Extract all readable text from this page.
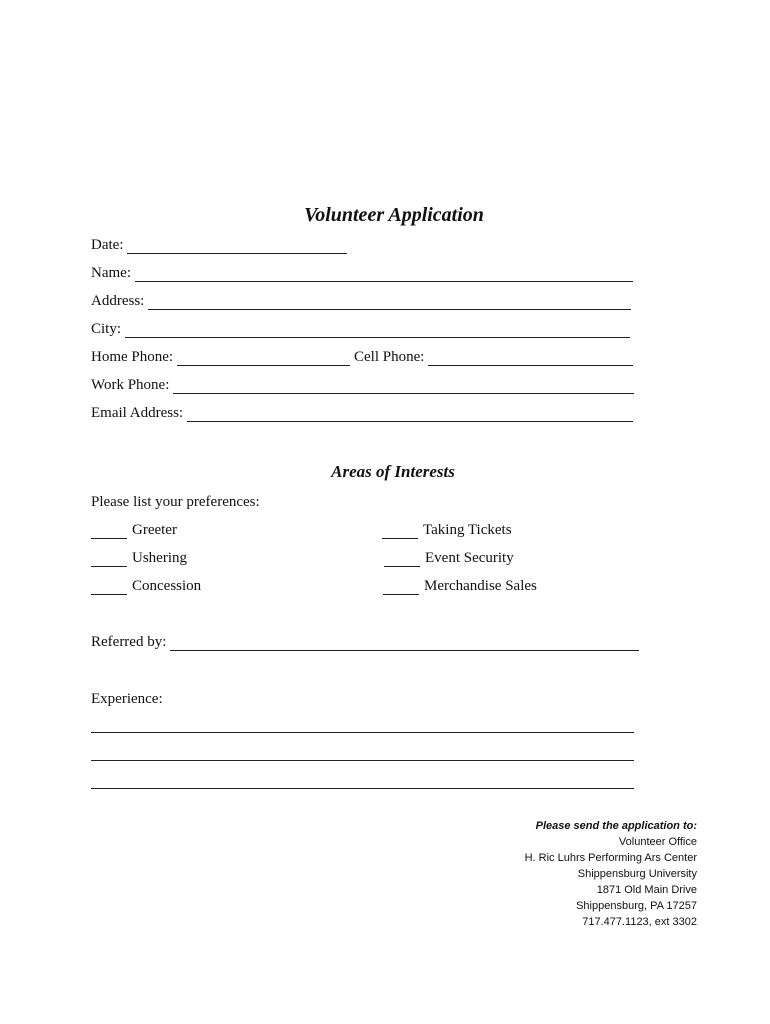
Volunteer Application
Date:
Name:
Address:
City:
Home Phone:	Cell Phone:
Work Phone:
Email Address:
Areas of Interests
Please list your preferences:
Greeter	Taking Tickets
Ushering	Event Security
Concession	Merchandise Sales
Referred by:
Experience:
Please send the application to:
Volunteer Office
H. Ric Luhrs Performing Ars Center
Shippensburg University
1871 Old Main Drive
Shippensburg, PA 17257
717.477.1123, ext 3302
